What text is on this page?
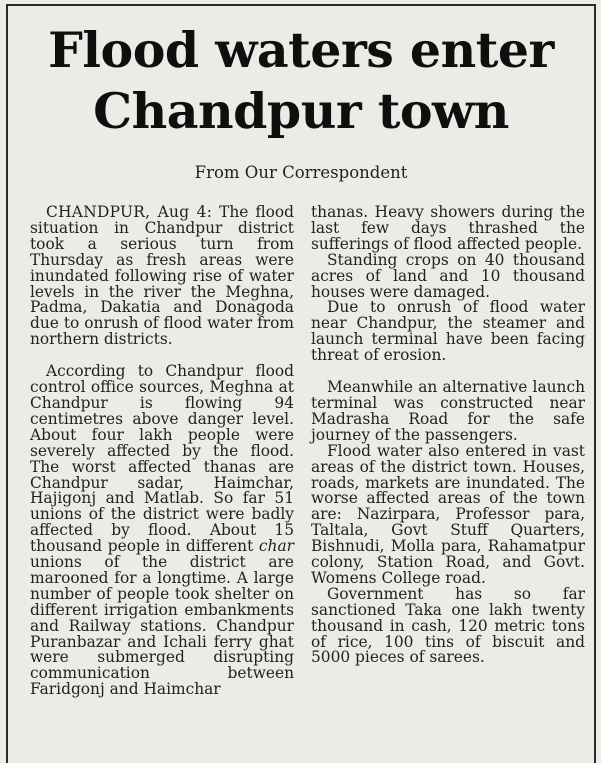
Flood waters enter
Chandpur town
From Our Correspondent

CHANDPUR, Aug 4: The flood situation in Chandpur district took a serious turn from Thursday as fresh areas were inundated following rise of water levels in the river the Meghna, Padma, Dakatia and Donagoda due to onrush of flood water from northern districts.

According to Chandpur flood control office sources, Meghna at Chandpur is flowing 94 centimetres above danger level. About four lakh people were severely affected by the flood. The worst affected thanas are Chandpur sadar, Haimchar, Hajigonj and Matlab. So far 51 unions of the district were badly affected by flood. About 15 thousand people in different char unions of the district are marooned for a longtime. A large number of people took shelter on different irrigation embankments and Railway stations. Chandpur Puranbazar and Ichali ferry ghat were submerged disrupting communication between Faridgonj and Haimchar

thanas. Heavy showers during the last few days thrashed the sufferings of flood affected people.

Standing crops on 40 thousand acres of land and 10 thousand houses were damaged.

Due to onrush of flood water near Chandpur, the steamer and launch terminal have been facing threat of erosion.

Meanwhile an alternative launch terminal was constructed near Madrasha Road for the safe journey of the passengers.

Flood water also entered in vast areas of the district town. Houses, roads, markets are inundated. The worse affected areas of the town are: Nazirpara, Professor para, Taltala, Govt Stuff Quarters, Bishnudi, Molla para, Rahamatpur colony, Station Road, and Govt. Womens College road.

Government has so far sanctioned Taka one lakh twenty thousand in cash, 120 metric tons of rice, 100 tins of biscuit and 5000 pieces of sarees.
